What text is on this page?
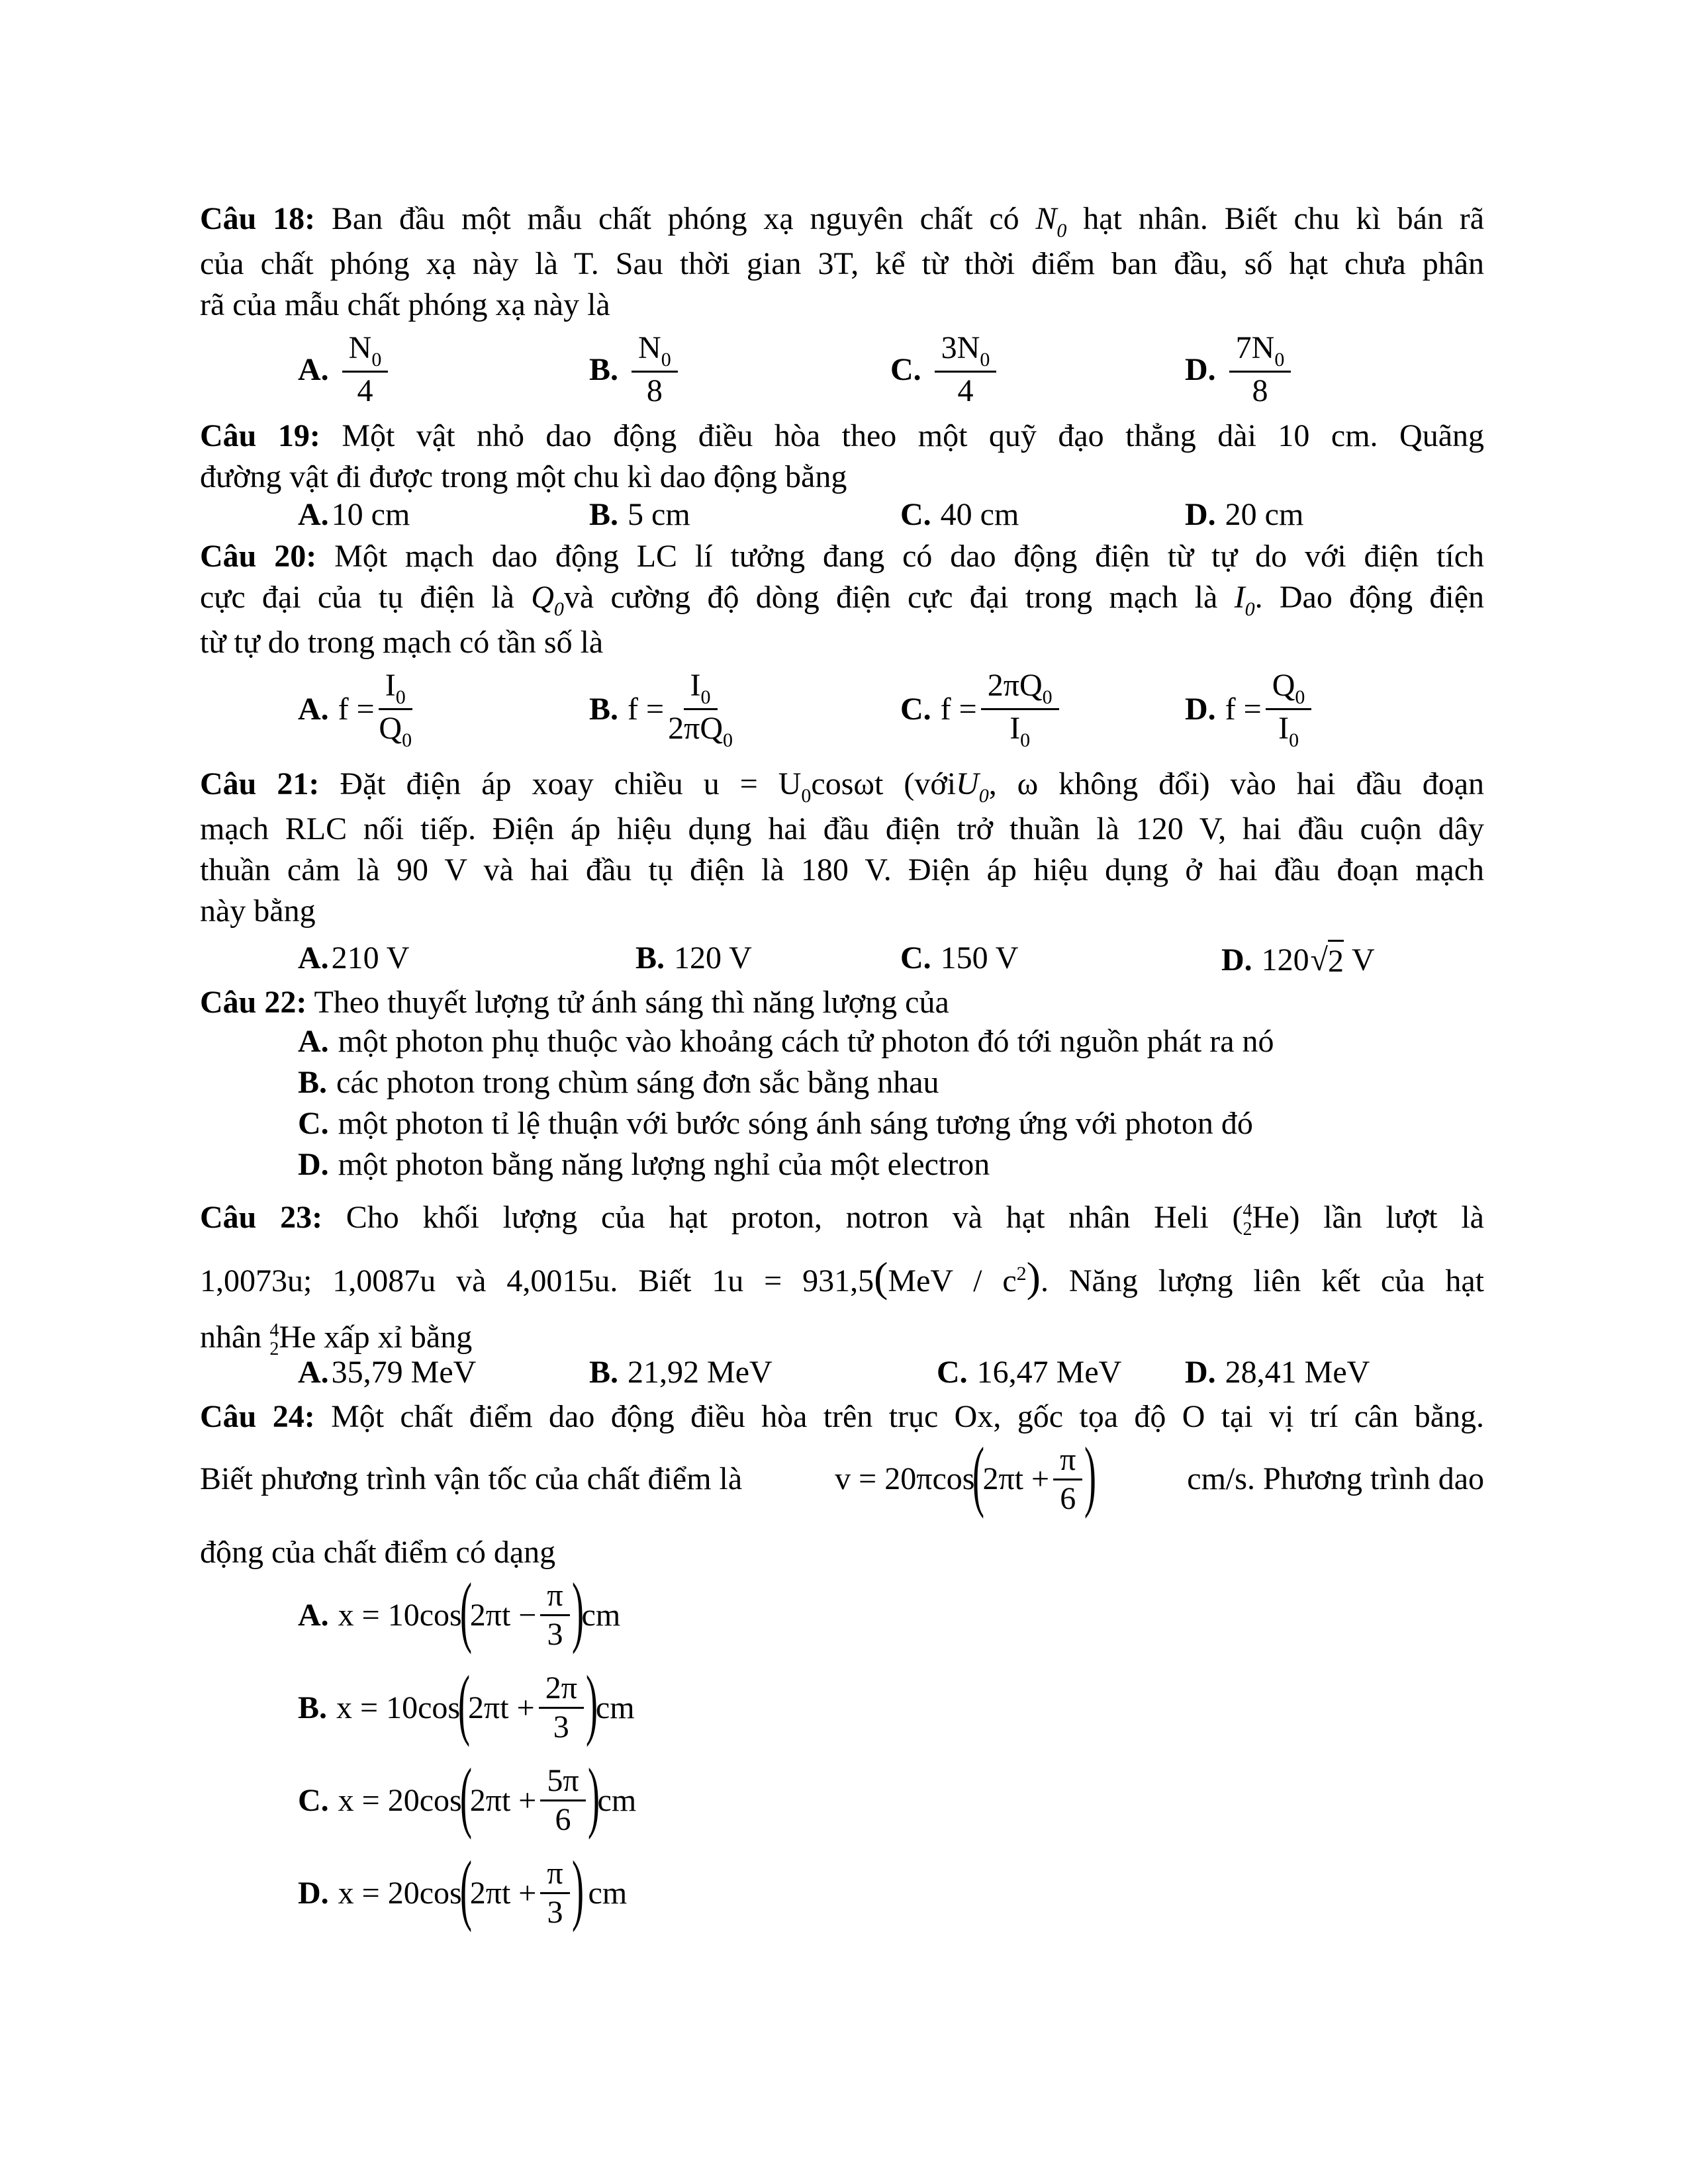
Câu 18: Ban đầu một mẫu chất phóng xạ nguyên chất có $N_0$ hạt nhân. Biết chu kì bán rã
của chất phóng xạ này là T. Sau thời gian 3T, kể từ thời điểm ban đầu, số hạt chưa phân
rã của mẫu chất phóng xạ này là
A. $\frac{N_0}{4}$	B. $\frac{N_0}{8}$	C. $\frac{3N_0}{4}$	D. $\frac{7N_0}{8}$
Câu 19: Một vật nhỏ dao động điều hòa theo một quỹ đạo thẳng dài 10 cm. Quãng
đường vật đi được trong một chu kì dao động bằng
A. 10 cm	B. 5 cm	C. 40 cm	D. 20 cm
Câu 20: Một mạch dao động LC lí tưởng đang có dao động điện từ tự do với điện tích
cực đại của tụ điện là $Q_0và$ cường độ dòng điện cực đại trong mạch là $I_0$. Dao động điện
từ tự do trong mạch có tần số là
A. $f = \frac{I_0}{Q_0}$	B. $f = \frac{I_0}{2\pi Q_0}$	C. $f = \frac{2\pi Q_0}{I_0}$	D. $f = \frac{Q_0}{I_0}$
Câu 21: Đặt điện áp xoay chiều $u = U_0\cos\omega t$ (vớiU$_0$, ω không đổi) vào hai đầu đoạn
mạch RLC nối tiếp. Điện áp hiệu dụng hai đầu điện trở thuần là 120 V, hai đầu cuộn dây
thuần cảm là 90 V và hai đầu tụ điện là 180 V. Điện áp hiệu dụng ở hai đầu đoạn mạch
này bằng
A. 210 V	B. 120 V	C. 150 V	D. 120 √ 2 V
Câu 22: Theo thuyết lượng tử ánh sáng thì năng lượng của
A. một photon phụ thuộc vào khoảng cách tử photon đó tới nguồn phát ra nó
B. các photon trong chùm sáng đơn sắc bằng nhau
C. một photon tỉ lệ thuận với bước sóng ánh sáng tương ứng với photon đó
D. một photon bằng năng lượng nghỉ của một electron
Câu 23: Cho khối lượng của hạt proton, notron và hạt nhân Heli ( 4
2 He) lần lượt là
1,0073u; 1,0087u và 4,0015u. Biết $1u = 931,5(MeV / c^2)$. Năng lượng liên kết của hạt
nhân 4
2 He xấp xỉ bằng
A. 35,79 MeV	B. 21,92 MeV	C. 16,47 MeV D. 28,41 MeV
Câu 24: Một chất điểm dao động điều hòa trên trục Ox, gốc tọa độ O tại vị trí cân bằng.
Biết phương trình vận tốc của chất điểm là	v = 20πcos
(
$2\pi t + \frac{\pi}{6}$ )	cm/s. Phương trình dao
động của chất điểm có dạng
A. x = 10cos
(
$2\pi t - \frac{\pi}{3}$ )
cm
B. x = 10cos
(
$2\pi t + \frac{2\pi}{3}$ )
cm
C. x = 20cos
(
$2\pi t + \frac{5\pi}{6}$ )
cm
D. x = 20cos
(
$2\pi t + \frac{\pi}{3}$ ) cm
